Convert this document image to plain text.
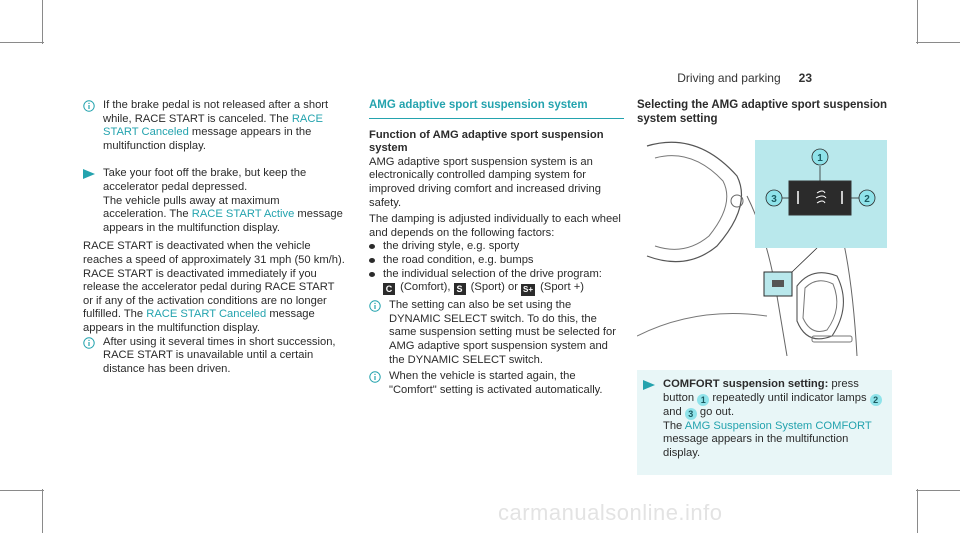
Driving and parking 23

If the brake pedal is not released after a short while, RACE START is canceled. The RACE START Canceled message appears in the multifunction display.

Take your foot off the brake, but keep the accelerator pedal depressed.

The vehicle pulls away at maximum acceleration. The RACE START Active message appears in the multifunction display.

RACE START is deactivated when the vehicle reaches a speed of approximately 31 mph (50 km/h).

RACE START is deactivated immediately if you release the accelerator pedal during RACE START or if any of the activation conditions are no longer fulfilled. The RACE START Canceled message appears in the multifunction display.

After using it several times in short succession, RACE START is unavailable until a certain distance has been driven.

AMG adaptive sport suspension system

Function of AMG adaptive sport suspension system

AMG adaptive sport suspension system is an electronically controlled damping system for improved driving comfort and increased driving safety.

The damping is adjusted individually to each wheel and depends on the following factors:

the driving style, e.g. sporty
the road condition, e.g. bumps
the individual selection of the drive program:
C (Comfort), S (Sport) or S+ (Sport +)

The setting can also be set using the DYNAMIC SELECT switch. To do this, the same suspension setting must be selected for AMG adaptive sport suspension system and the DYNAMIC SELECT switch.

When the vehicle is started again, the "Comfort" setting is activated automatically.

Selecting the AMG adaptive sport suspension system setting

1
2
3

COMFORT suspension setting: press button 1 repeatedly until indicator lamps 2 and 3 go out.

The AMG Suspension System COMFORT message appears in the multifunction display.

carmanualsonline.info
